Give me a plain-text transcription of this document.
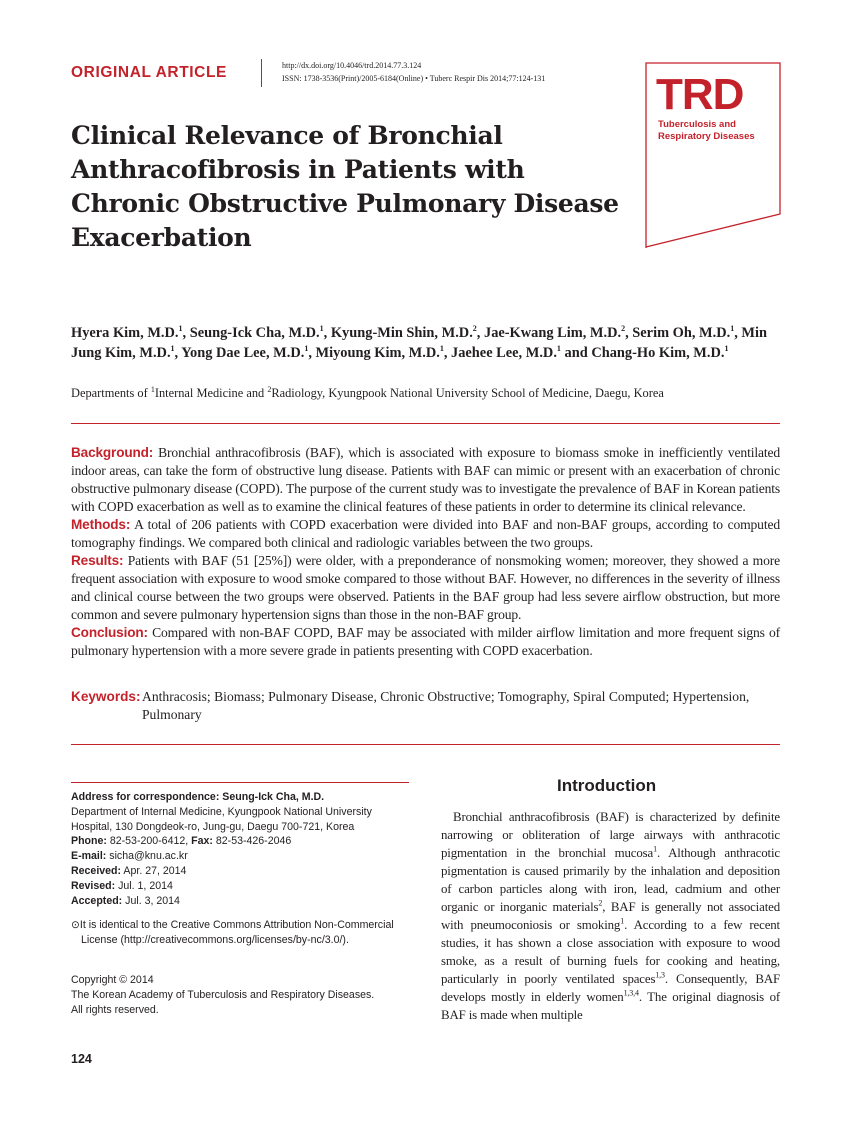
ORIGINAL ARTICLE	http://dx.doi.org/10.4046/trd.2014.77.3.124
ISSN: 1738-3536(Print)/2005-6184(Online) • Tuberc Respir Dis 2014;77:124-131	TRD
Tuberculosis and
Respiratory Diseases
Clinical Relevance of Bronchial
Anthracofibrosis in Patients with
Chronic Obstructive Pulmonary Disease
Exacerbation
Hyera Kim, M.D.$^1$, Seung-Ick Cha, M.D.$^1$, Kyung-Min Shin, M.D.$^2$, Jae-Kwang Lim, M.D.$^2$, Serim Oh, M.D.$^1$, Min Jung Kim, M.D.$^1$, Yong Dae Lee, M.D.$^1$, Miyoung Kim, M.D.$^1$, Jaehee Lee, M.D.$^1$ and Chang-Ho Kim, M.D.$^1$
Departments of $^1$Internal Medicine and $^2$Radiology, Kyungpook National University School of Medicine, Daegu, Korea

Background: Bronchial anthracofibrosis (BAF), which is associated with exposure to biomass smoke in inefficiently ventilated indoor areas, can take the form of obstructive lung disease. Patients with BAF can mimic or present with an exacerbation of chronic obstructive pulmonary disease (COPD). The purpose of the current study was to investigate the prevalence of BAF in Korean patients with COPD exacerbation as well as to examine the clinical features of these patients in order to determine its clinical relevance.

Methods: A total of 206 patients with COPD exacerbation were divided into BAF and non-BAF groups, according to computed tomography findings. We compared both clinical and radiologic variables between the two groups.

Results: Patients with BAF (51 [25%]) were older, with a preponderance of nonsmoking women; moreover, they showed a more frequent association with exposure to wood smoke compared to those without BAF. However, no differences in the severity of illness and clinical course between the two groups were observed. Patients in the BAF group had less severe airflow obstruction, but more common and severe pulmonary hypertension signs than those in the non-BAF group.

Conclusion: Compared with non-BAF COPD, BAF may be associated with milder airflow limitation and more frequent signs of pulmonary hypertension with a more severe grade in patients presenting with COPD exacerbation.

Keywords: Anthracosis; Biomass; Pulmonary Disease, Chronic Obstructive; Tomography, Spiral Computed; Hypertension, Pulmonary
Address for correspondence: Seung-Ick Cha, M.D.
Department of Internal Medicine, Kyungpook National University
Hospital, 130 Dongdeok-ro, Jung-gu, Daegu 700-721, Korea
Phone: 82-53-200-6412, Fax: 82-53-426-2046
E-mail: sicha@knu.ac.kr
Received: Apr. 27, 2014
Revised: Jul. 1, 2014
Accepted: Jul. 3, 2014
⊙It is identical to the Creative Commons Attribution Non-Commercial
License (http://creativecommons.org/licenses/by-nc/3.0/).
Copyright © 2014
The Korean Academy of Tuberculosis and Respiratory Diseases.
All rights reserved.
Introduction
Bronchial anthracofibrosis (BAF) is characterized by definite narrowing or obliteration of large airways with anthracotic pigmentation in the bronchial mucosa$^1$. Although anthracotic pigmentation is caused primarily by the inhalation and deposition of carbon particles along with iron, lead, cadmium and other organic or inorganic materials$^2$, BAF is generally not associated with pneumoconiosis or smoking$^1$. According to a few recent studies, it has shown a close association with exposure to wood smoke, as a result of burning fuels for cooking and heating, particularly in poorly ventilated spaces$^{1,3}$. Consequently, BAF develops mostly in elderly women$^{1,3,4}$. The original diagnosis of BAF is made when multiple
124
